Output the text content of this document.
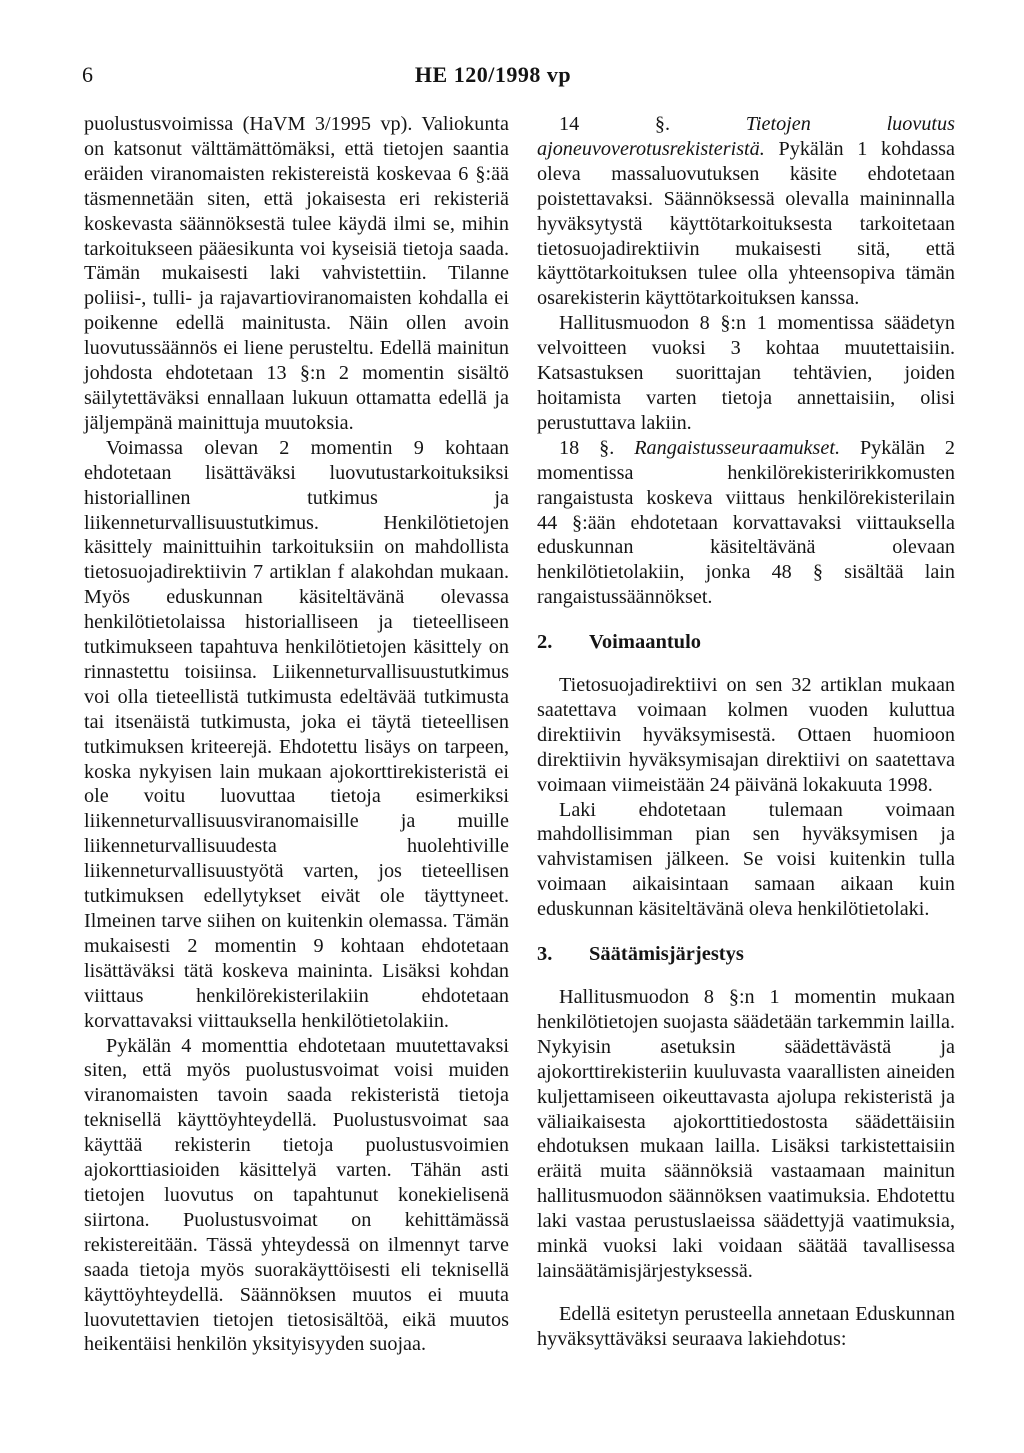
6	HE 120/1998 vp

puolustusvoimissa (HaVM 3/1995 vp). Valiokunta on katsonut välttämättömäksi, että tietojen saantia eräiden viranomaisten rekistereistä koskevaa 6 §:ää täsmennetään siten, että jokaisesta eri rekisteriä koskevasta säännöksestä tulee käydä ilmi se, mihin tarkoitukseen pääesikunta voi kyseisiä tietoja saada. Tämän mukaisesti laki vahvistettiin. Tilanne poliisi-, tulli- ja rajavartioviranomaisten kohdalla ei poikenne edellä mainitusta. Näin ollen avoin luovutussäännös ei liene perusteltu. Edellä mainitun johdosta ehdotetaan 13 §:n 2 momentin sisältö säilytettäväksi ennallaan lukuun ottamatta edellä ja jäljempänä mainittuja muutoksia.

Voimassa olevan 2 momentin 9 kohtaan ehdotetaan lisättäväksi luovutustarkoituksiksi historiallinen tutkimus ja liikenneturvallisuustutkimus. Henkilötietojen käsittely mainittuihin tarkoituksiin on mahdollista tietosuojadirektiivin 7 artiklan f alakohdan mukaan. Myös eduskunnan käsiteltävänä olevassa henkilötietolaissa historialliseen ja tieteelliseen tutkimukseen tapahtuva henkilötietojen käsittely on rinnastettu toisiinsa. Liikenneturvallisuustutkimus voi olla tieteellistä tutkimusta edeltävää tutkimusta tai itsenäistä tutkimusta, joka ei täytä tieteellisen tutkimuksen kriteerejä. Ehdotettu lisäys on tarpeen, koska nykyisen lain mukaan ajokorttirekisteristä ei ole voitu luovuttaa tietoja esimerkiksi liikenneturvallisuusviranomaisille ja muille liikenneturvallisuudesta huolehtiville liikenneturvallisuustyötä varten, jos tieteellisen tutkimuksen edellytykset eivät ole täyttyneet. Ilmeinen tarve siihen on kuitenkin olemassa. Tämän mukaisesti 2 momentin 9 kohtaan ehdotetaan lisättäväksi tätä koskeva maininta. Lisäksi kohdan viittaus henkilörekisterilakiin ehdotetaan korvattavaksi viittauksella henkilötietolakiin.

Pykälän 4 momenttia ehdotetaan muutettavaksi siten, että myös puolustusvoimat voisi muiden viranomaisten tavoin saada rekisteristä tietoja teknisellä käyttöyhteydellä. Puolustusvoimat saa käyttää rekisterin tietoja puolustusvoimien ajokorttiasioiden käsittelyä varten. Tähän asti tietojen luovutus on tapahtunut konekielisenä siirtona. Puolustusvoimat on kehittämässä rekistereitään. Tässä yhteydessä on ilmennyt tarve saada tietoja myös suorakäyttöisesti eli teknisellä käyttöyhteydellä. Säännöksen muutos ei muuta luovutettavien tietojen tietosisältöä, eikä muutos heikentäisi henkilön yksityisyyden suojaa.

14 §.	Tietojen luovutus ajoneuvoverotusrekisteristä. Pykälän 1 kohdassa oleva massaluovutuksen käsite ehdotetaan poistettavaksi. Säännöksessä olevalla maininnalla hyväksytystä käyttötarkoituksesta tarkoitetaan tietosuojadirektiivin mukaisesti sitä, että käyttötarkoituksen tulee olla yhteensopiva tämän osarekisterin käyttötarkoituksen kanssa.

Hallitusmuodon 8 §:n 1 momentissa säädetyn velvoitteen vuoksi 3 kohtaa muutettaisiin. Katsastuksen suorittajan tehtävien, joiden hoitamista varten tietoja annettaisiin, olisi perustuttava lakiin.

18 §. Rangaistusseuraamukset. Pykälän 2 momentissa henkilörekisteririkkomusten rangaistusta koskeva viittaus henkilörekisterilain 44 §:ään ehdotetaan korvattavaksi viittauksella eduskunnan käsiteltävänä olevaan henkilötietolakiin, jonka 48 § sisältää lain rangaistussäännökset.

2. Voimaantulo

Tietosuojadirektiivi on sen 32 artiklan mukaan saatettava voimaan kolmen vuoden kuluttua direktiivin hyväksymisestä. Ottaen huomioon direktiivin hyväksymisajan direktiivi on saatettava voimaan viimeistään 24 päivänä lokakuuta 1998.

Laki ehdotetaan tulemaan voimaan mahdollisimman pian sen hyväksymisen ja vahvistamisen jälkeen. Se voisi kuitenkin tulla voimaan aikaisintaan samaan aikaan kuin eduskunnan käsiteltävänä oleva henkilötietolaki.

3. Säätämisjärjestys

Hallitusmuodon 8 §:n 1 momentin mukaan henkilötietojen suojasta säädetään tarkemmin lailla. Nykyisin asetuksin säädettävästä ja ajokorttirekisteriin kuuluvasta vaarallisten aineiden kuljettamiseen oikeuttavasta ajolupa rekisteristä ja väliaikaisesta ajokorttitiedostosta säädettäisiin ehdotuksen mukaan lailla. Lisäksi tarkistettaisiin eräitä muita säännöksiä vastaamaan mainitun hallitusmuodon säännöksen vaatimuksia. Ehdotettu laki vastaa perustuslaeissa säädettyjä vaatimuksia, minkä vuoksi laki voidaan säätää tavallisessa lainsäätämisjärjestyksessä.

Edellä esitetyn perusteella annetaan Eduskunnan hyväksyttäväksi seuraava lakiehdotus:
